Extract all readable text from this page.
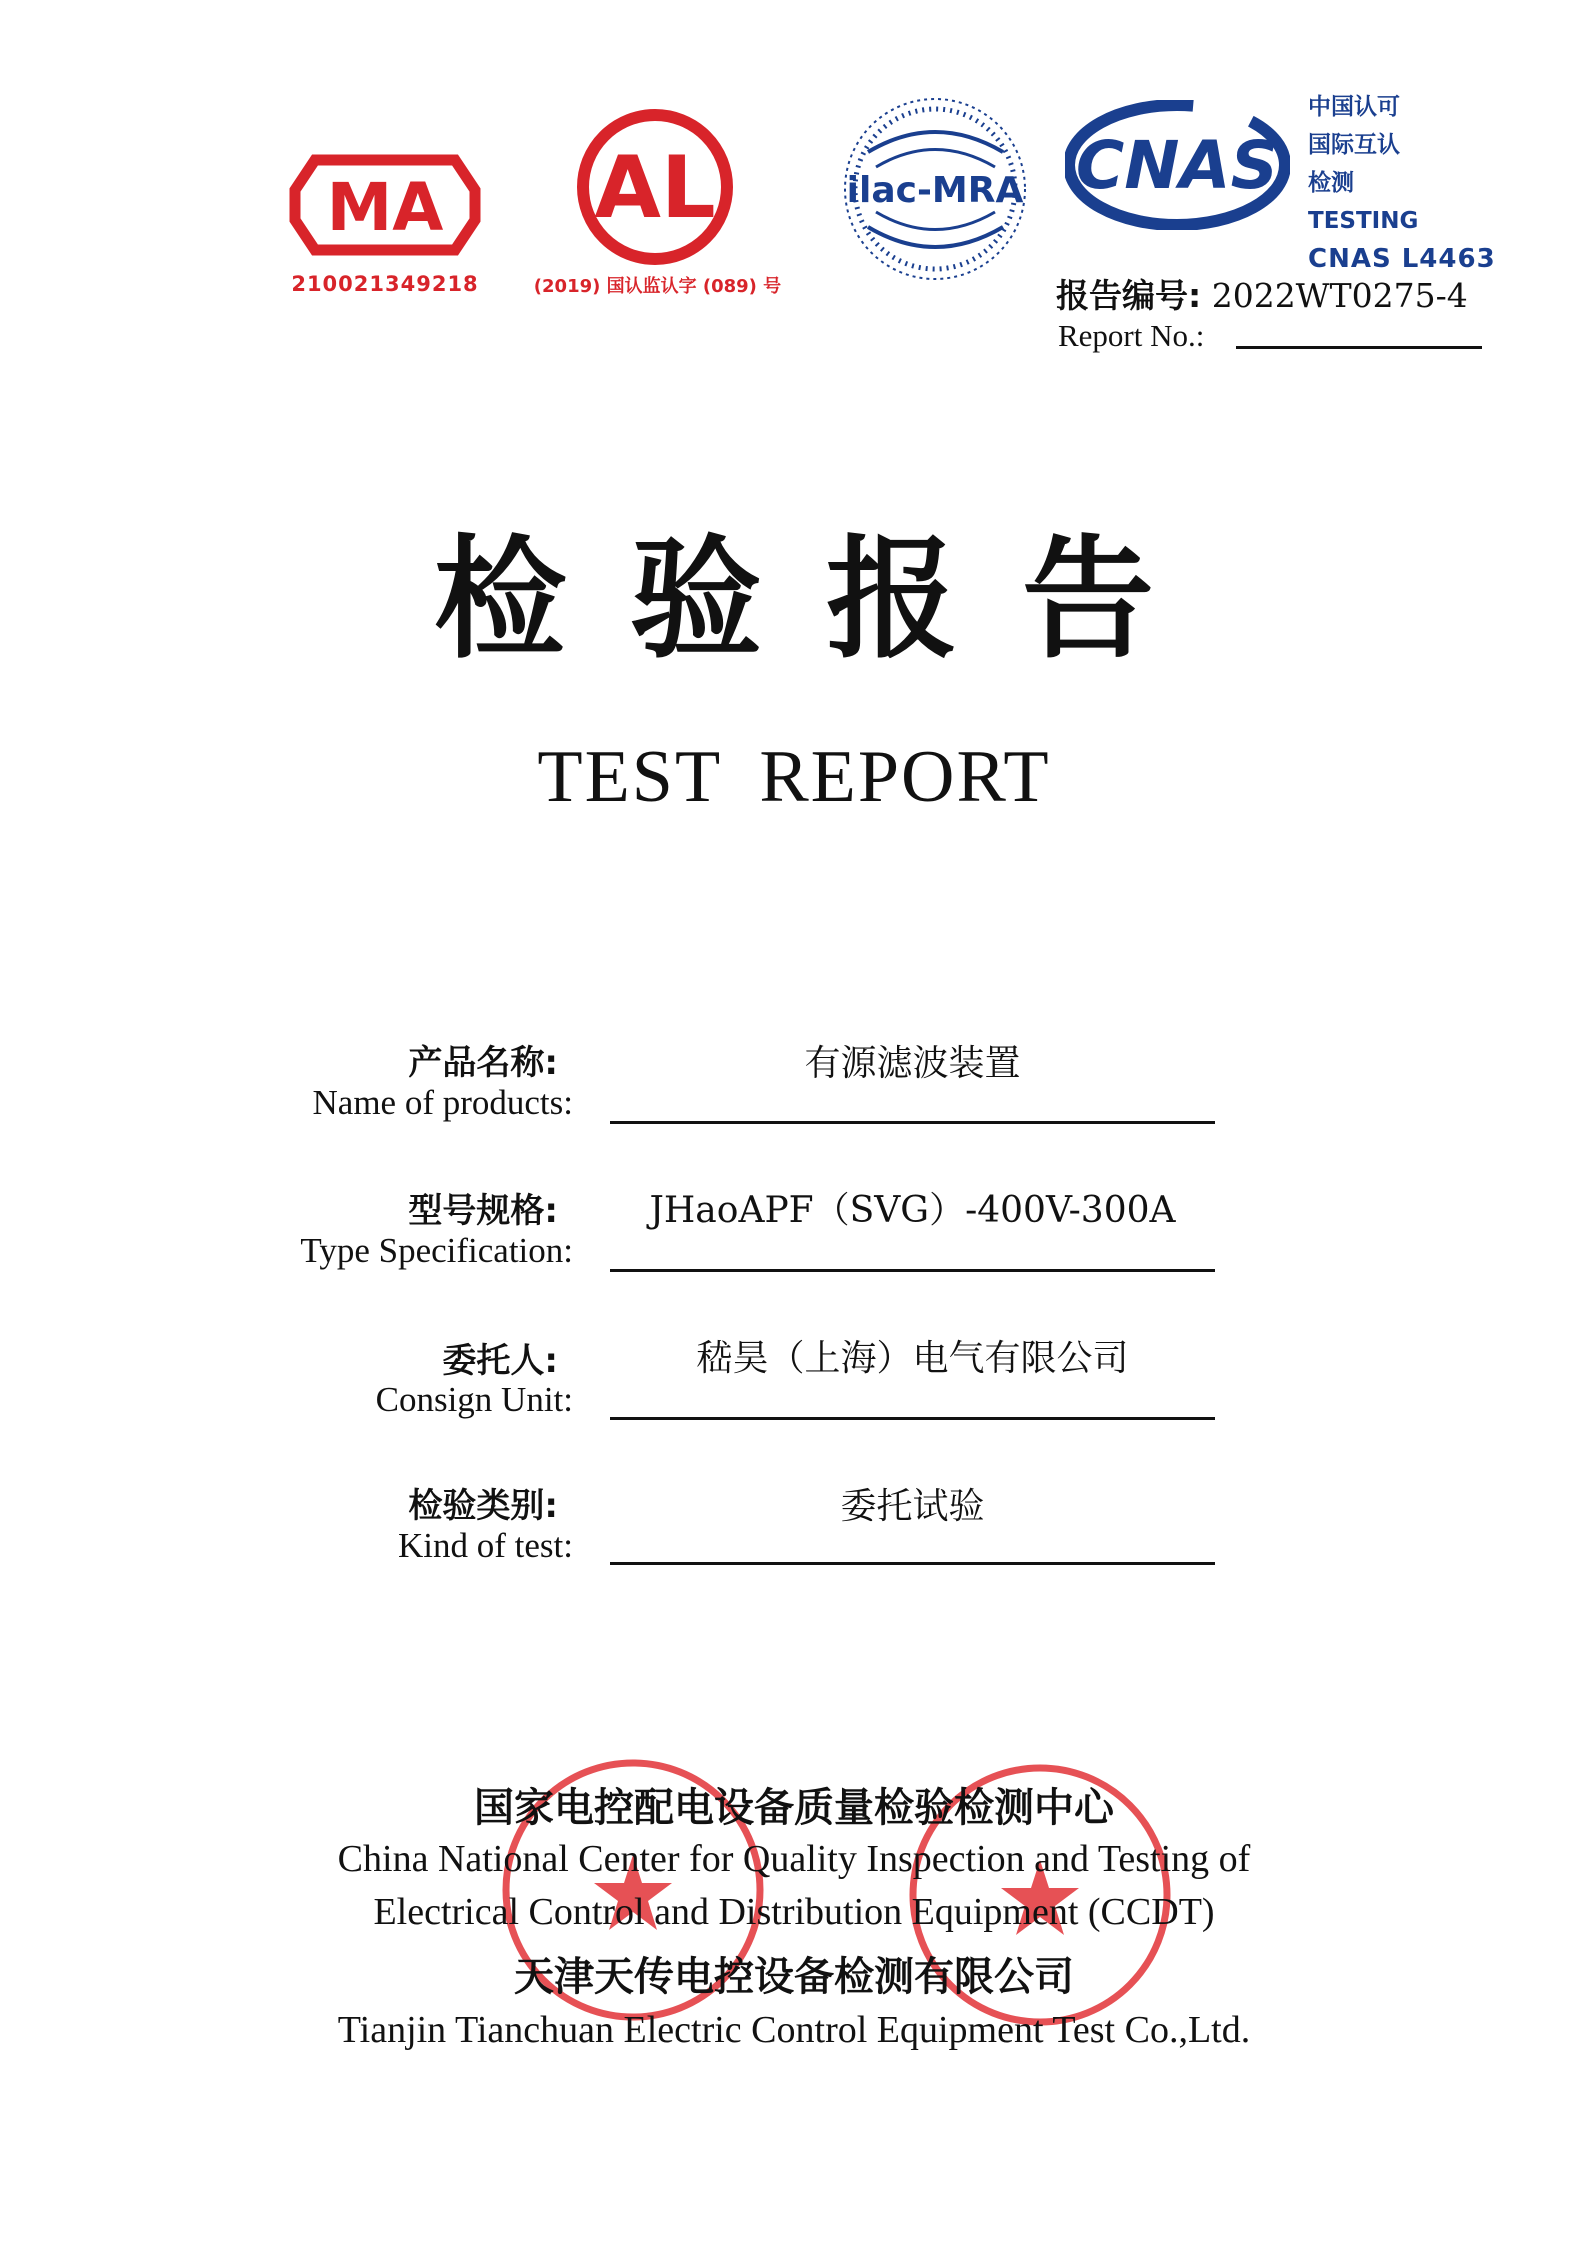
MA
210021349218
AL
(2019) 国认监认字 (089) 号
ilac-MRA CNAS
中国认可
国际互认
检测
TESTING
CNAS L4463
报告编号: 2022WT0275-4
Report No.:
检验报告
TEST REPORT
产品名称:
Name of products:
有源滤波装置
型号规格:
Type Specification:
JHaoAPF（SVG）-400V-300A
委托人:
Consign Unit:
嵇昊（上海）电气有限公司
检验类别:
Kind of test:
委托试验
国家电控配电设备质量检验检测中心
China National Center for Quality Inspection and Testing of
Electrical Control and Distribution Equipment (CCDT)
天津天传电控设备检测有限公司
Tianjin Tianchuan Electric Control Equipment Test Co.,Ltd.
